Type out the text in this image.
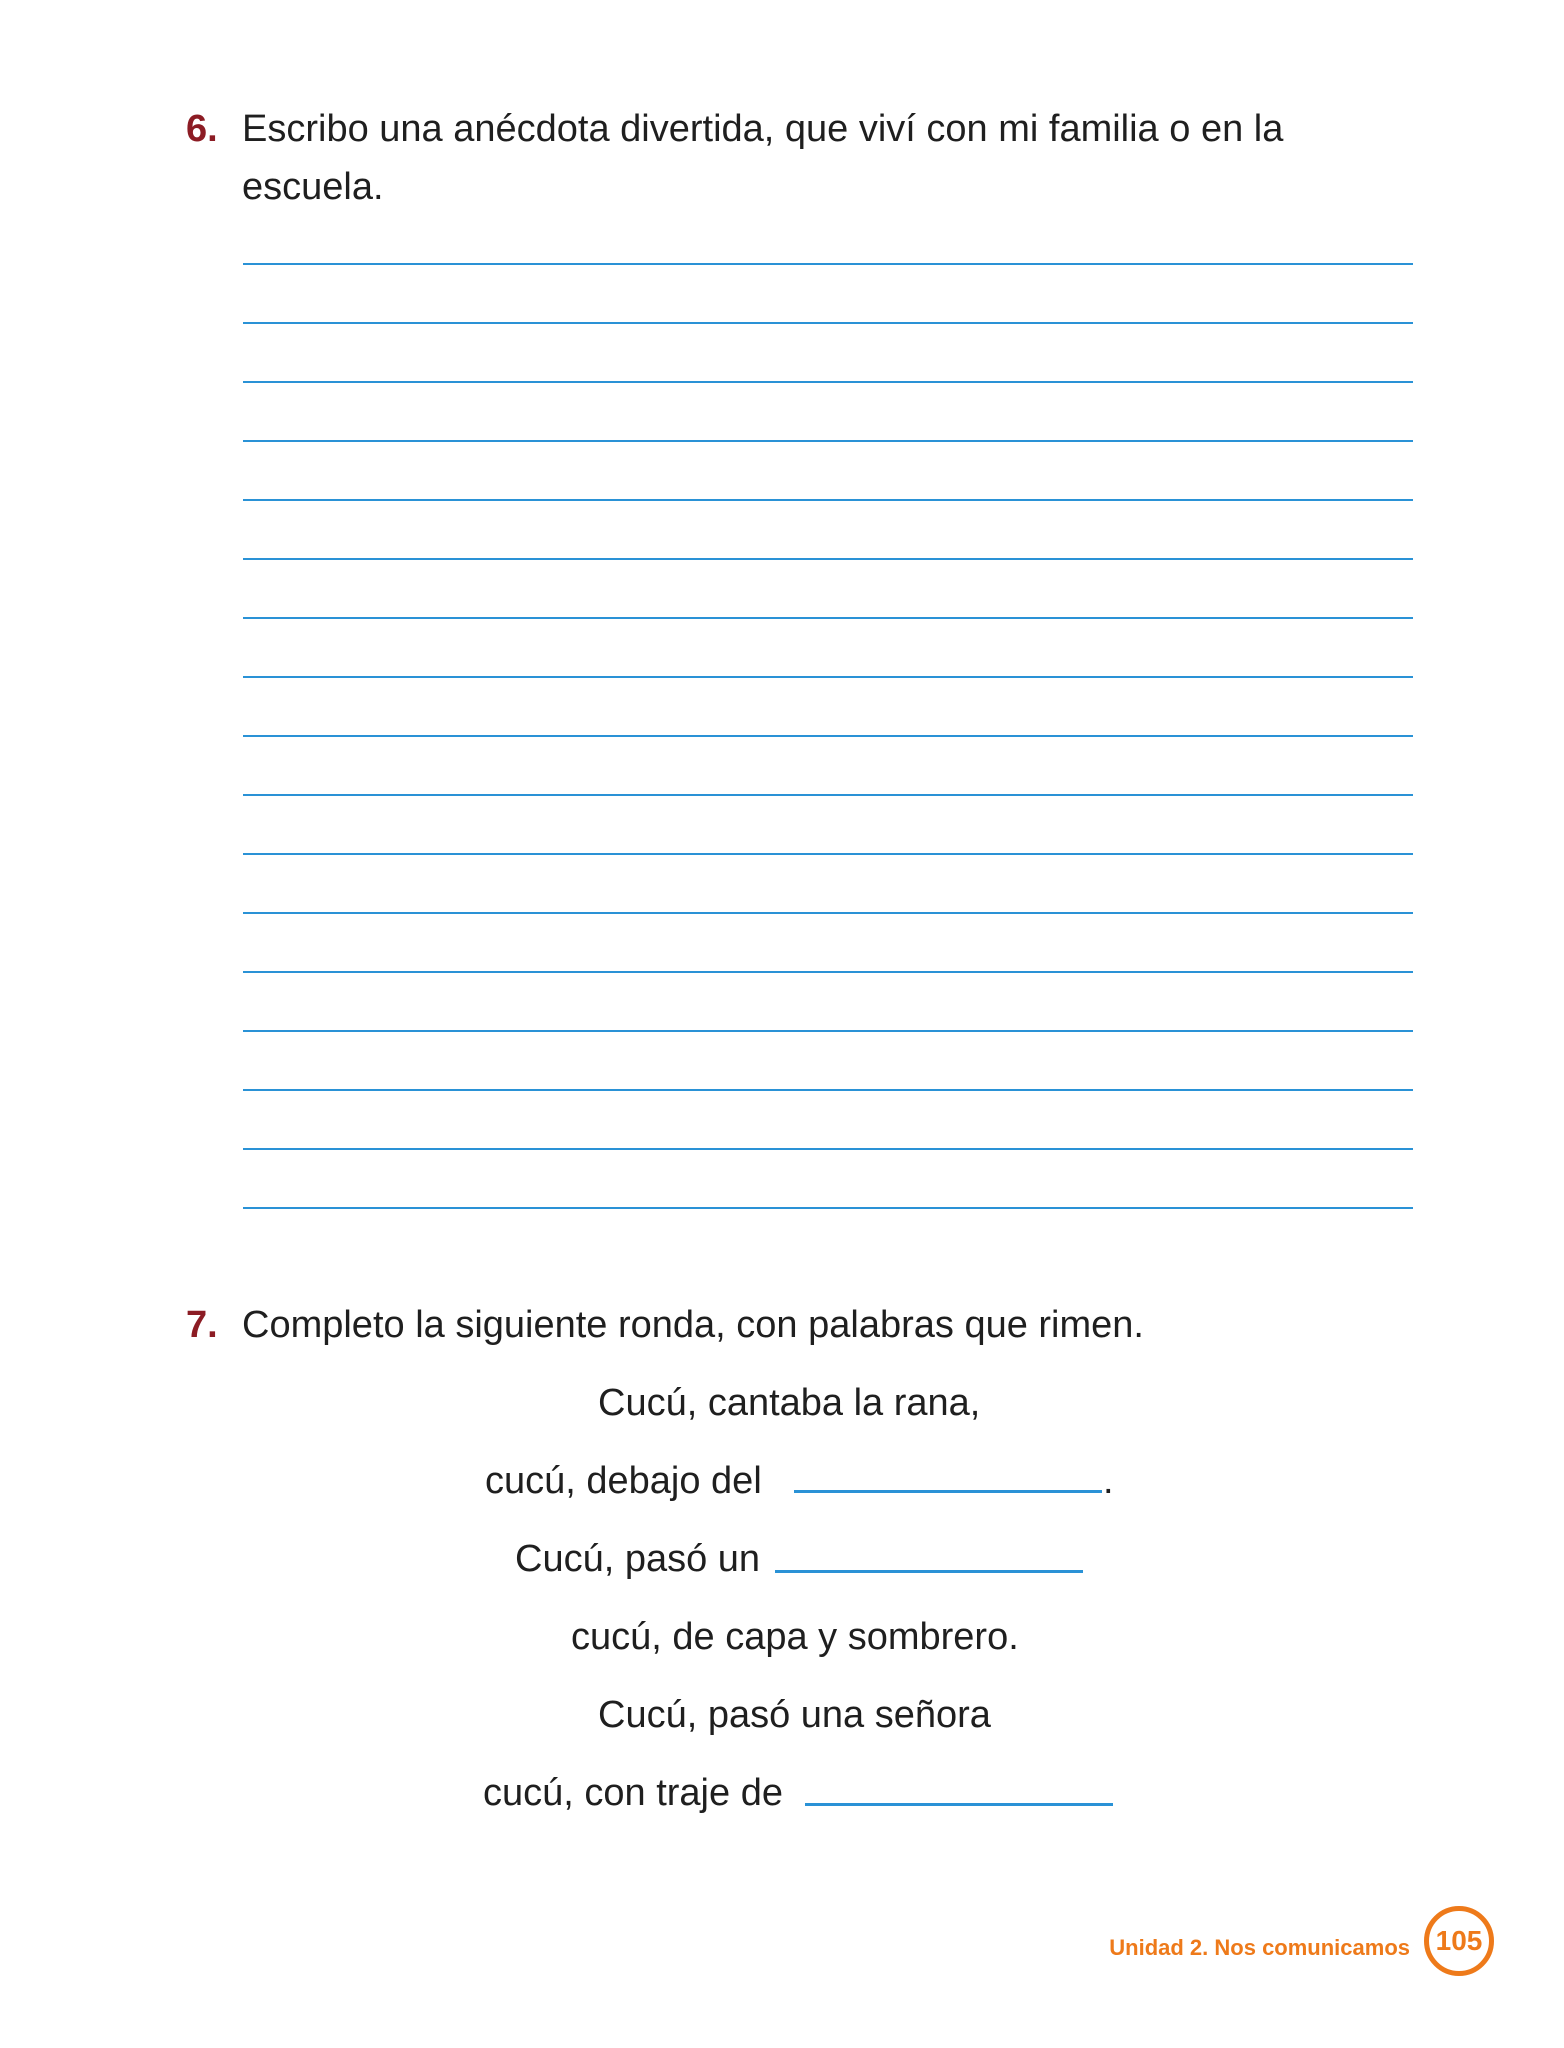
6. Escribo una anécdota divertida, que viví con mi familia o en la escuela.
7. Completo la siguiente ronda, con palabras que rimen.
Cucú, cantaba la rana,
cucú, debajo del	.
Cucú, pasó un
cucú, de capa y sombrero.
Cucú, pasó una señora
cucú, con traje de
Unidad 2. Nos comunicamos 105
